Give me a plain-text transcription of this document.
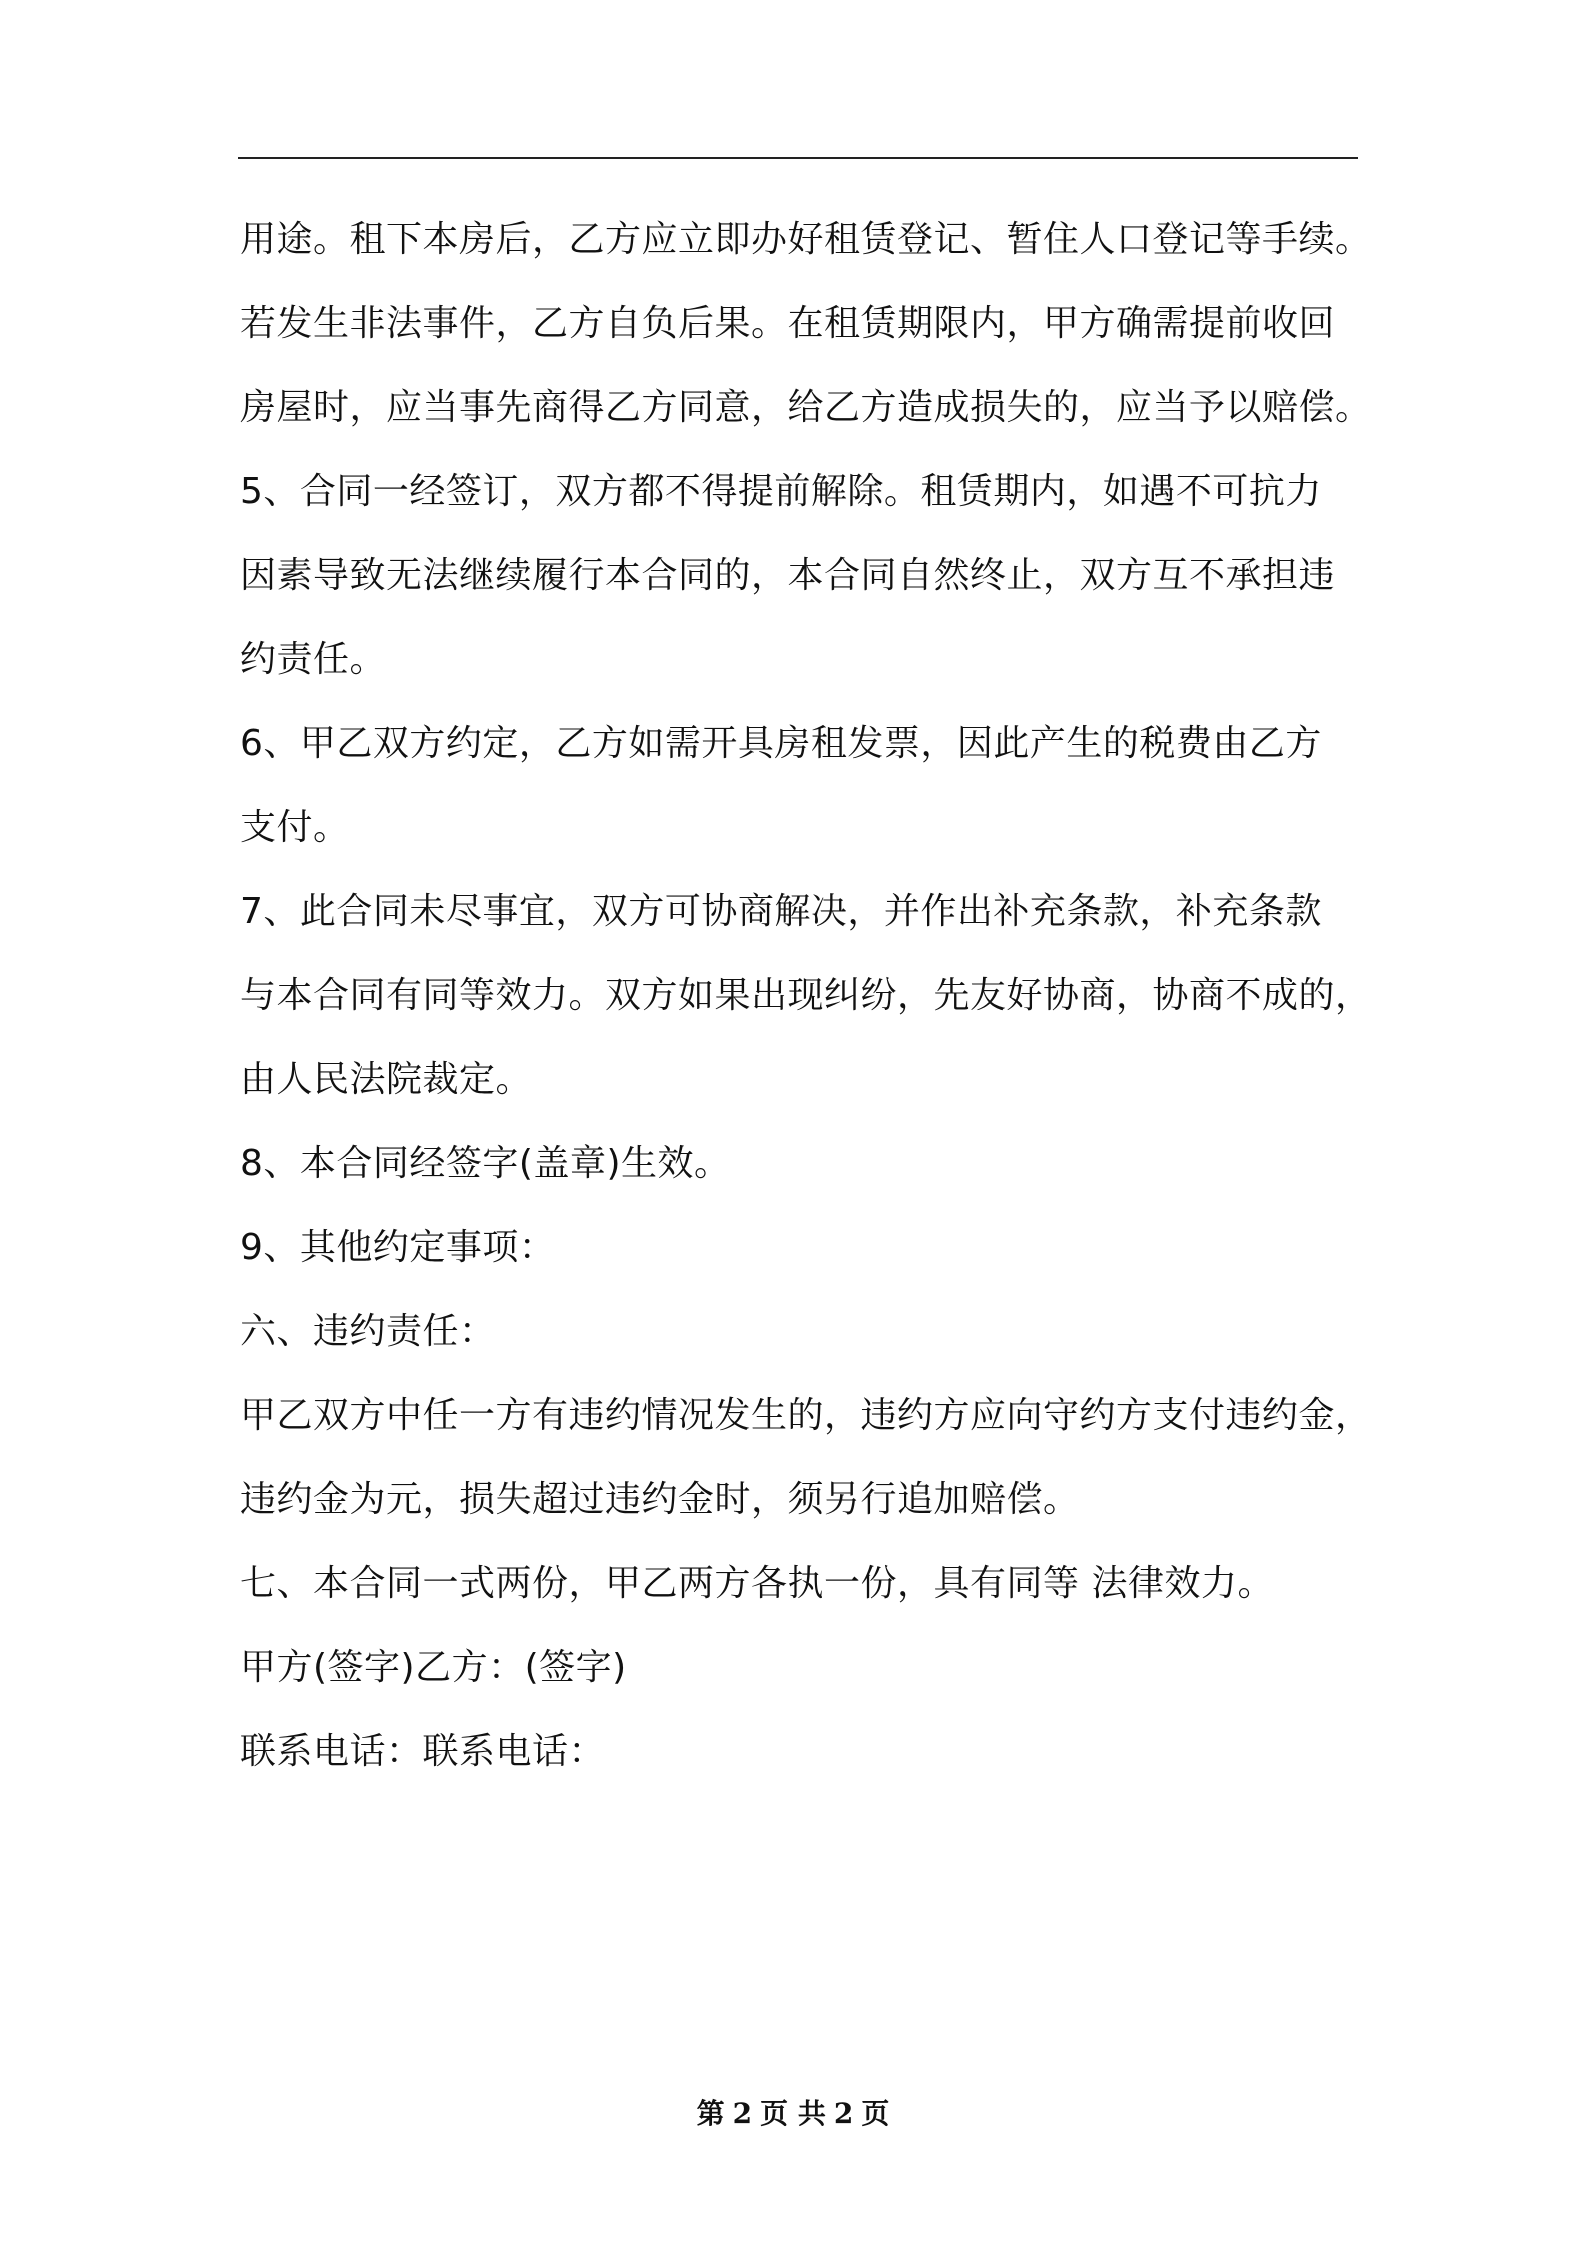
用途。租下本房后，乙方应立即办好租赁登记、暂住人口登记等手续。
若发生非法事件，乙方自负后果。在租赁期限内，甲方确需提前收回
房屋时，应当事先商得乙方同意，给乙方造成损失的，应当予以赔偿。
5、合同一经签订，双方都不得提前解除。租赁期内，如遇不可抗力
因素导致无法继续履行本合同的，本合同自然终止，双方互不承担违
约责任。
6、甲乙双方约定，乙方如需开具房租发票，因此产生的税费由乙方
支付。
7、此合同未尽事宜，双方可协商解决，并作出补充条款，补充条款
与本合同有同等效力。双方如果出现纠纷，先友好协商，协商不成的，
由人民法院裁定。
8、本合同经签字(盖章)生效。
9、其他约定事项：
六、违约责任：
甲乙双方中任一方有违约情况发生的，违约方应向守约方支付违约金，
违约金为元，损失超过违约金时，须另行追加赔偿。
七、本合同一式两份，甲乙两方各执一份，具有同等 法律效力。
甲方(签字)乙方：(签字)
联系电话：联系电话：
第 2 页 共 2 页
